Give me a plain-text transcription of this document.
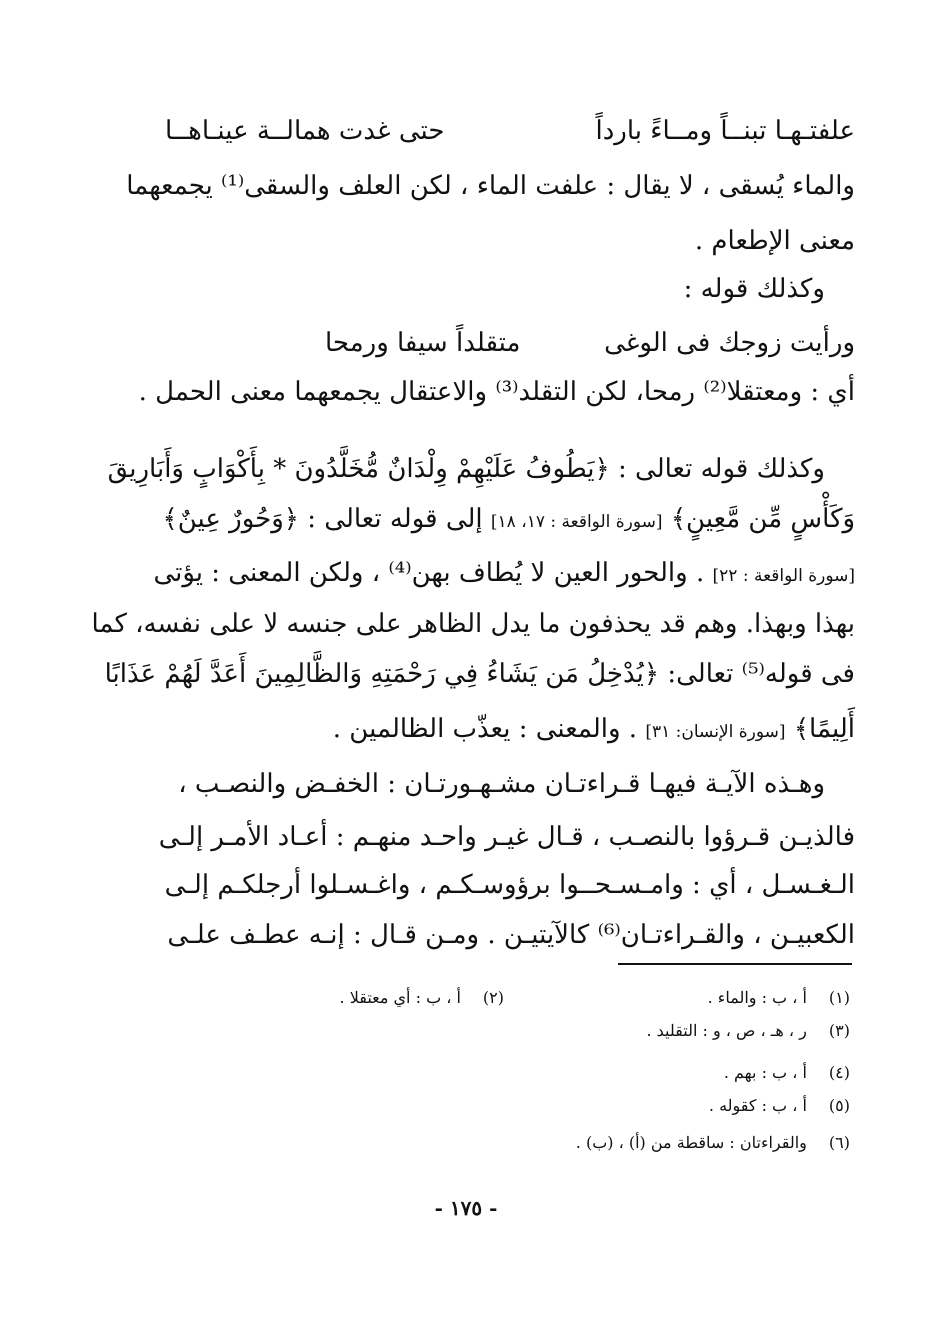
علفتـهـا تبنــاً ومــاءً بارداً
حتى غدت همالــة عينـاهــا
والماء يُسقى ، لا يقال : علفت الماء ، لكن العلف والسقى⁽¹⁾ يجمعهما
معنى الإطعام .
وكذلك قوله :
ورأيت زوجك فى الوغى
متقلداً سيفا ورمحا
أي : ومعتقلا⁽²⁾ رمحا، لكن التقلد⁽³⁾ والاعتقال يجمعهما معنى الحمل .
وكذلك قوله تعالى : ﴿يَطُوفُ عَلَيْهِمْ وِلْدَانٌ مُّخَلَّدُونَ * بِأَكْوَابٍ وَأَبَارِيقَ
وَكَأْسٍ مِّن مَّعِينٍ﴾ [سورة الواقعة : ١٧، ١٨] إلى قوله تعالى : ﴿وَحُورٌ عِينٌ﴾
[سورة الواقعة : ٢٢] . والحور العين لا يُطاف بهن⁽⁴⁾ ، ولكن المعنى : يؤتى
بهذا وبهذا. وهم قد يحذفون ما يدل الظاهر على جنسه لا على نفسه، كما
فى قوله⁽⁵⁾ تعالى: ﴿يُدْخِلُ مَن يَشَاءُ فِي رَحْمَتِهِ وَالظَّالِمِينَ أَعَدَّ لَهُمْ عَذَابًا
أَلِيمًا﴾ [سورة الإنسان: ٣١] . والمعنى : يعذّب الظالمين .
وهـذه الآيـة فيهـا قـراءتـان مشـهـورتـان : الخفـض والنصـب ،
فالذيـن قـرؤوا بالنصـب ، قـال غيـر واحـد منهـم : أعـاد الأمـر إلـى
الـغـسـل ، أي : وامـسـحــوا برؤوسـكـم ، واغـسـلوا أرجلكـم إلـى
الكعبيـن ، والقـراءتـان⁽⁶⁾ كالآيتيـن . ومـن قـال : إنـه عطـف علـى
(١) أ ، ب : والماء .
(٢) أ ، ب : أي معتقلا .
(٣) ر ، هـ ، ص ، و : التقليد .
(٤) أ ، ب : بهم .
(٥) أ ، ب : كقوله .
(٦) والقراءتان : ساقطة من (أ) ، (ب) .
- ١٧٥ -
